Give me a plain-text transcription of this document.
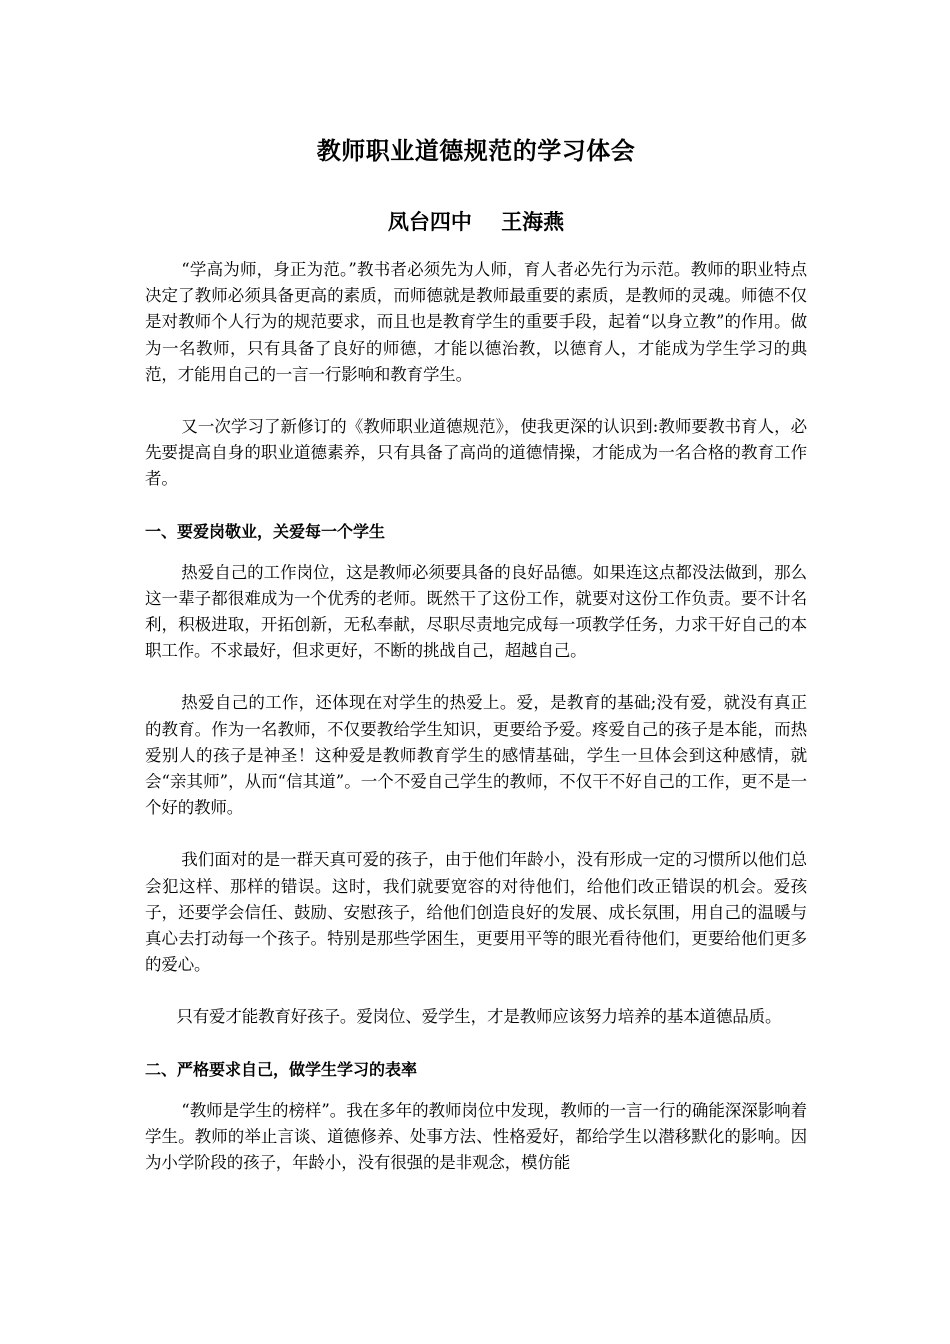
教师职业道德规范的学习体会
凤台四中    王海燕

“学高为师，身正为范。”教书者必须先为人师，育人者必先行为示范。教师的职业特点决定了教师必须具备更高的素质，而师德就是教师最重要的素质，是教师的灵魂。师德不仅是对教师个人行为的规范要求，而且也是教育学生的重要手段，起着“以身立教”的作用。做为一名教师，只有具备了良好的师德，才能以德治教，以德育人，才能成为学生学习的典范，才能用自己的一言一行影响和教育学生。

又一次学习了新修订的《教师职业道德规范》，使我更深的认识到:教师要教书育人，必先要提高自身的职业道德素养，只有具备了高尚的道德情操，才能成为一名合格的教育工作者。

一、要爱岗敬业，关爱每一个学生

热爱自己的工作岗位，这是教师必须要具备的良好品德。如果连这点都没法做到，那么这一辈子都很难成为一个优秀的老师。既然干了这份工作，就要对这份工作负责。要不计名利，积极进取，开拓创新，无私奉献，尽职尽责地完成每一项教学任务，力求干好自己的本职工作。不求最好，但求更好，不断的挑战自己，超越自己。

热爱自己的工作，还体现在对学生的热爱上。爱，是教育的基础;没有爱，就没有真正的教育。作为一名教师，不仅要教给学生知识，更要给予爱。疼爱自己的孩子是本能，而热爱别人的孩子是神圣！这种爱是教师教育学生的感情基础，学生一旦体会到这种感情，就会“亲其师”，从而“信其道”。一个不爱自己学生的教师，不仅干不好自己的工作，更不是一个好的教师。

我们面对的是一群天真可爱的孩子，由于他们年龄小，没有形成一定的习惯所以他们总会犯这样、那样的错误。这时，我们就要宽容的对待他们，给他们改正错误的机会。爱孩子，还要学会信任、鼓励、安慰孩子，给他们创造良好的发展、成长氛围，用自己的温暖与真心去打动每一个孩子。特别是那些学困生，更要用平等的眼光看待他们，更要给他们更多的爱心。

只有爱才能教育好孩子。爱岗位、爱学生，才是教师应该努力培养的基本道德品质。

二、严格要求自己，做学生学习的表率

“教师是学生的榜样”。我在多年的教师岗位中发现，教师的一言一行的确能深深影响着学生。教师的举止言谈、道德修养、处事方法、性格爱好，都给学生以潜移默化的影响。因为小学阶段的孩子，年龄小，没有很强的是非观念，模仿能
